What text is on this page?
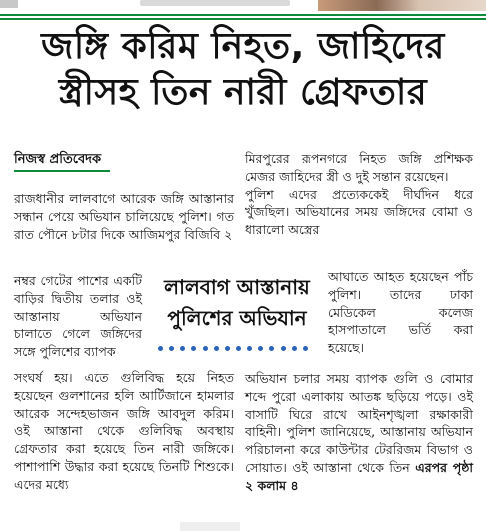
জঙ্গি করিম নিহত, জাহিদের
স্ত্রীসহ তিন নারী গ্রেফতার
নিজস্ব প্রতিবেদক

রাজধানীর লালবাগে আরেক জঙ্গি আস্তানার সন্ধান পেয়ে অভিযান চালিয়েছে পুলিশ। গত রাত পৌনে ৮টার দিকে আজিমপুর বিজিবি ২

নম্বর গেটের পাশের একটি বাড়ির দ্বিতীয় তলার ওই আস্তানায় অভিযান চালাতে গেলে জঙ্গিদের সঙ্গে পুলিশের ব্যাপক

সংঘর্ষ হয়। এতে গুলিবিদ্ধ হয়ে নিহত হয়েছেন গুলশানের হলি আর্টিজানে হামলার আরেক সন্দেহভাজন জঙ্গি আবদুল করিম। ওই আস্তানা থেকে গুলিবিদ্ধ অবস্থায় গ্রেফতার করা হয়েছে তিন নারী জঙ্গিকে। পাশাপাশি উদ্ধার করা হয়েছে তিনটি শিশুকে। এদের মধ্যে

লালবাগ আস্তানায়
পুলিশের অভিযান

মিরপুরের রূপনগরে নিহত জঙ্গি প্রশিক্ষক মেজর জাহিদের স্ত্রী ও দুই সন্তান রয়েছেন।

পুলিশ এদের প্রত্যেককেই দীর্ঘদিন ধরে খুঁজছিল। অভিযানের সময় জঙ্গিদের বোমা ও ধারালো অস্ত্রের

আঘাতে আহত হয়েছেন পাঁচ পুলিশ। তাদের ঢাকা মেডিকেল কলেজ হাসপাতালে ভর্তি করা হয়েছে।

অভিযান চলার সময় ব্যাপক গুলি ও বোমার শব্দে পুরো এলাকায় আতঙ্ক ছড়িয়ে পড়ে। ওই বাসাটি ঘিরে রাখে আইনশৃঙ্খলা রক্ষাকারী বাহিনী। পুলিশ জানিয়েছে, আস্তানায় অভিযান পরিচালনা করে কাউন্টার টেররিজম বিভাগ ও সোয়াত। ওই আস্তানা থেকে তিন এরপর পৃষ্ঠা ২ কলাম ৪
